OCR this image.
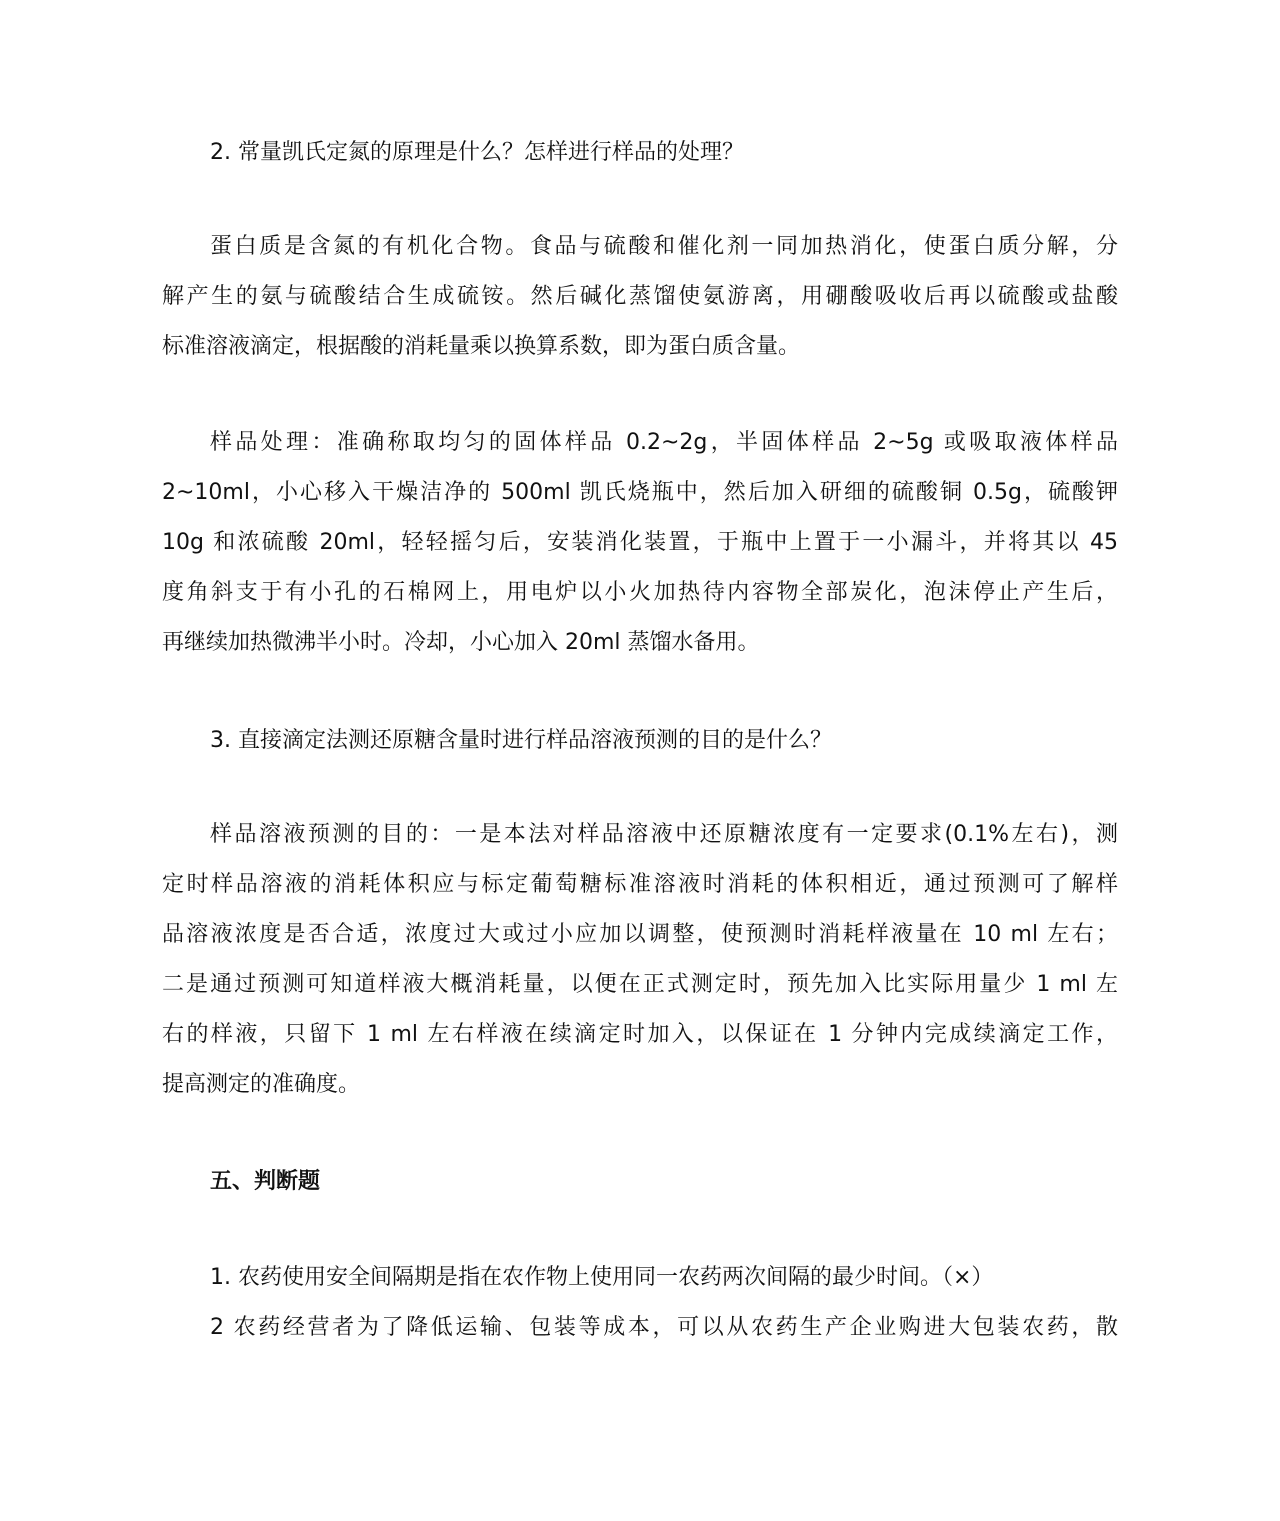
2. 常量凯氏定氮的原理是什么？怎样进行样品的处理？
蛋白质是含氮的有机化合物。食品与硫酸和催化剂一同加热消化，使蛋白质分解，分
解产生的氨与硫酸结合生成硫铵。然后碱化蒸馏使氨游离，用硼酸吸收后再以硫酸或盐酸
标准溶液滴定，根据酸的消耗量乘以换算系数，即为蛋白质含量。
样品处理：准确称取均匀的固体样品 0.2~2g，半固体样品 2~5g 或吸取液体样品
2~10ml，小心移入干燥洁净的 500ml 凯氏烧瓶中，然后加入研细的硫酸铜 0.5g，硫酸钾
10g 和浓硫酸 20ml，轻轻摇匀后，安装消化装置，于瓶中上置于一小漏斗，并将其以 45
度角斜支于有小孔的石棉网上，用电炉以小火加热待内容物全部炭化，泡沫停止产生后，
再继续加热微沸半小时。冷却，小心加入 20ml 蒸馏水备用。
3. 直接滴定法测还原糖含量时进行样品溶液预测的目的是什么？
样品溶液预测的目的：一是本法对样品溶液中还原糖浓度有一定要求(0.1%左右)，测
定时样品溶液的消耗体积应与标定葡萄糖标准溶液时消耗的体积相近，通过预测可了解样
品溶液浓度是否合适，浓度过大或过小应加以调整，使预测时消耗样液量在 10 ml 左右；
二是通过预测可知道样液大概消耗量，以便在正式测定时，预先加入比实际用量少 1 ml 左
右的样液，只留下 1 ml 左右样液在续滴定时加入，以保证在 1 分钟内完成续滴定工作，
提高测定的准确度。
五、判断题
1. 农药使用安全间隔期是指在农作物上使用同一农药两次间隔的最少时间。（×）
2 农药经营者为了降低运输、包装等成本，可以从农药生产企业购进大包装农药，散
